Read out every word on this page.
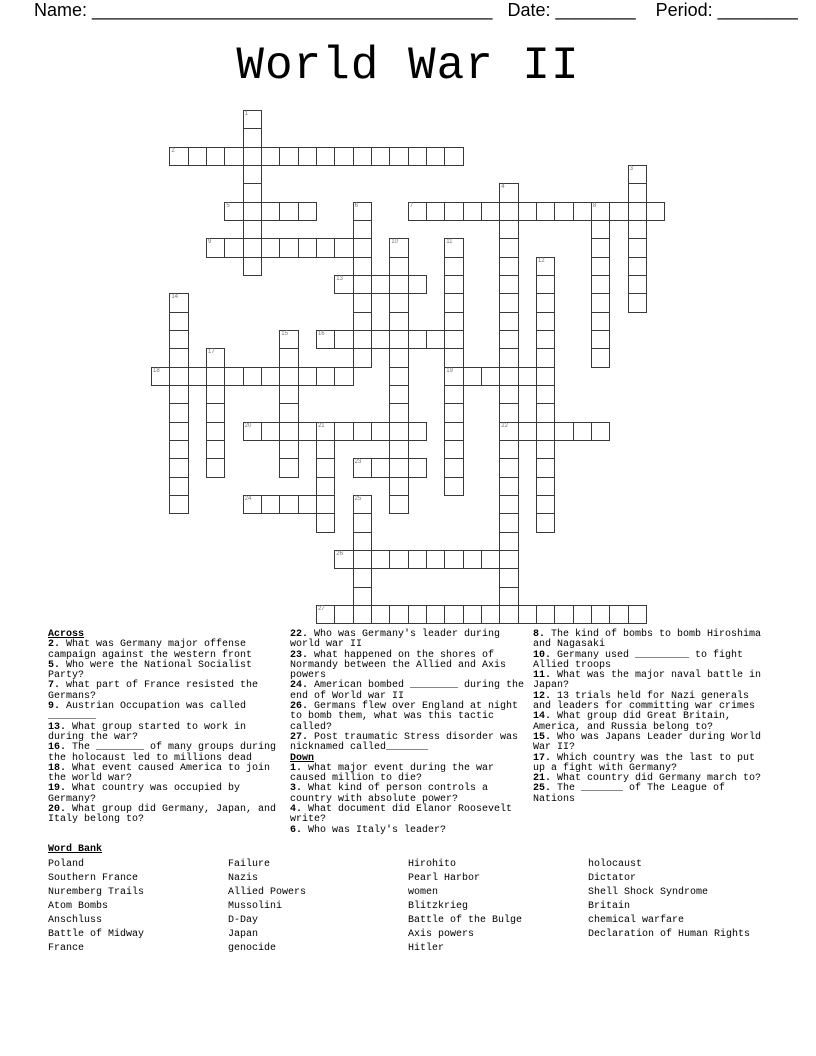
Name: ________________________________________ Date: ________ Period: ________
World War II
1
2
3
4
22
5	6	7	8
9	10	11
19
12
13
14
15	16
17
18
20	21
23
24	25
26
27
Across
2. What was Germany major offense campaign against the western front
5. Who were the National Socialist Party?
7. what part of France resisted the Germans?
9. Austrian Occupation was called ________
13. What group started to work in during the war?
16. The ________ of many groups during the holocaust led to millions dead
18. What event caused America to join the world war?
19. What country was occupied by Germany?
20. What group did Germany, Japan, and Italy belong to?
22. Who was Germany's leader during world war II
23. what happened on the shores of Normandy between the Allied and Axis powers
24. American bombed ________ during the end of World war II
26. Germans flew over England at night to bomb them, what was this tactic called?
27. Post traumatic Stress disorder was nicknamed called_______
Down
1. what major event during the war caused million to die?
3. What kind of person controls a country with absolute power?
4. What document did Elanor Roosevelt write?
6. Who was Italy's leader?
8. The kind of bombs to bomb Hiroshima and Nagasaki
10. Germany used _________ to fight Allied troops
11. What was the major naval battle in Japan?
12. 13 trials held for Nazi generals and leaders for committing war crimes
14. What group did Great Britain, America, and Russia belong to?
15. Who was Japans Leader during World War II?
17. Which country was the last to put up a fight with Germany?
21. What country did Germany march to?
25. The _______ of The League of Nations
Word Bank
Poland
Southern France
Nuremberg Trails
Atom Bombs
Anschluss
Battle of Midway
France
Failure
Nazis
Allied Powers
Mussolini
D-Day
Japan
genocide
Hirohito
Pearl Harbor
women
Blitzkrieg
Battle of the Bulge
Axis powers
Hitler
holocaust
Dictator
Shell Shock Syndrome
Britain
chemical warfare
Declaration of Human Rights
